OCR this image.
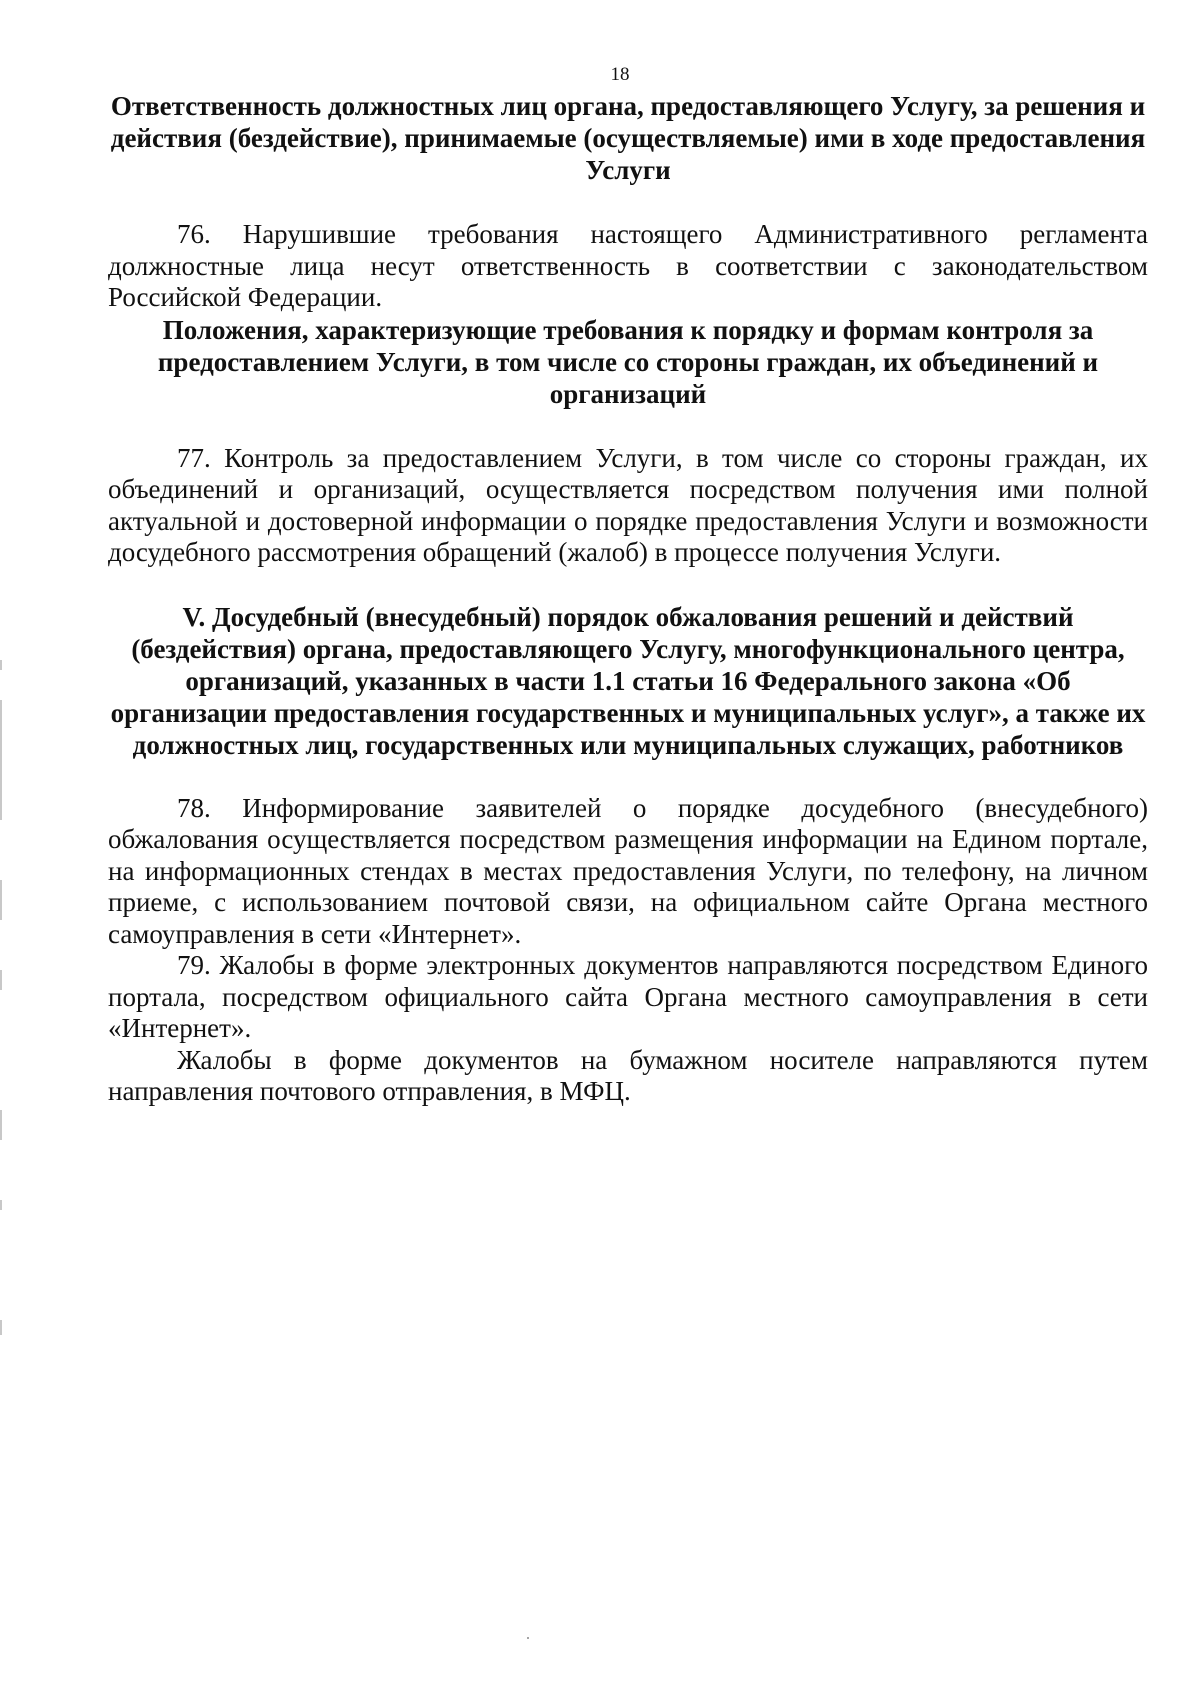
18

Ответственность должностных лиц органа, предоставляющего Услугу, за решения и действия (бездействие), принимаемые (осуществляемые) ими в ходе предоставления Услуги

76. Нарушившие требования настоящего Административного регламента должностные лица несут ответственность в соответствии с законодательством Российской Федерации.

Положения, характеризующие требования к порядку и формам контроля за предоставлением Услуги, в том числе со стороны граждан, их объединений и организаций

77. Контроль за предоставлением Услуги, в том числе со стороны граждан, их объединений и организаций, осуществляется посредством получения ими полной актуальной и достоверной информации о порядке предоставления Услуги и возможности досудебного рассмотрения обращений (жалоб) в процессе получения Услуги.

V. Досудебный (внесудебный) порядок обжалования решений и действий (бездействия) органа, предоставляющего Услугу, многофункционального центра, организаций, указанных в части 1.1 статьи 16 Федерального закона «Об организации предоставления государственных и муниципальных услуг», а также их должностных лиц, государственных или муниципальных служащих, работников

78. Информирование заявителей о порядке досудебного (внесудебного) обжалования осуществляется посредством размещения информации на Едином портале, на информационных стендах в местах предоставления Услуги, по телефону, на личном приеме, с использованием почтовой связи, на официальном сайте Органа местного самоуправления в сети «Интернет».

79. Жалобы в форме электронных документов направляются посредством Единого портала, посредством официального сайта Органа местного самоуправления в сети «Интернет».

Жалобы в форме документов на бумажном носителе направляются путем направления почтового отправления, в МФЦ.
